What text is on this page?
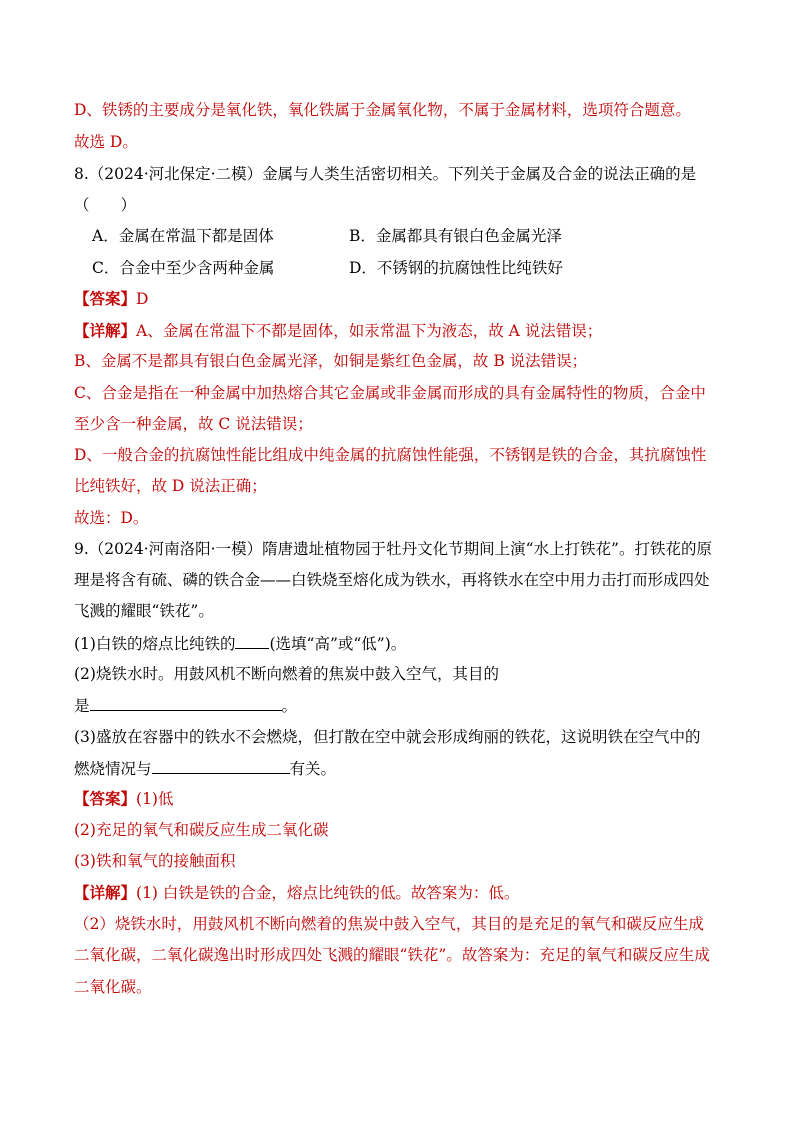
D、铁锈的主要成分是氧化铁，氧化铁属于金属氧化物，不属于金属材料，选项符合题意。
故选 D。
8.（2024·河北保定·二模）金属与人类生活密切相关。下列关于金属及合金的说法正确的是
（　　）
A．金属在常温下都是固体	B．金属都具有银白色金属光泽
C．合金中至少含两种金属	D．不锈钢的抗腐蚀性比纯铁好
【答案】D
【详解】A、金属在常温下不都是固体，如汞常温下为液态，故 A 说法错误；
B、金属不是都具有银白色金属光泽，如铜是紫红色金属，故 B 说法错误；
C、合金是指在一种金属中加热熔合其它金属或非金属而形成的具有金属特性的物质，合金中
至少含一种金属，故 C 说法错误；
D、一般合金的抗腐蚀性能比组成中纯金属的抗腐蚀性能强，不锈钢是铁的合金，其抗腐蚀性
比纯铁好，故 D 说法正确；
故选：D。
9.（2024·河南洛阳·一模）隋唐遗址植物园于牡丹文化节期间上演“水上打铁花”。打铁花的原
理是将含有硫、磷的铁合金——白铁烧至熔化成为铁水，再将铁水在空中用力击打而形成四处
飞溅的耀眼“铁花”。
(1)白铁的熔点比纯铁的 (选填“高”或“低”)。
(2)烧铁水时。用鼓风机不断向燃着的焦炭中鼓入空气，其目的
是	。
(3)盛放在容器中的铁水不会燃烧，但打散在空中就会形成绚丽的铁花，这说明铁在空气中的
燃烧情况与	有关。
【答案】(1)低
(2)充足的氧气和碳反应生成二氧化碳
(3)铁和氧气的接触面积
【详解】(1) 白铁是铁的合金，熔点比纯铁的低。故答案为：低。
（2）烧铁水时，用鼓风机不断向燃着的焦炭中鼓入空气，其目的是充足的氧气和碳反应生成
二氧化碳，二氧化碳逸出时形成四处飞溅的耀眼“铁花”。故答案为：充足的氧气和碳反应生成
二氧化碳。
